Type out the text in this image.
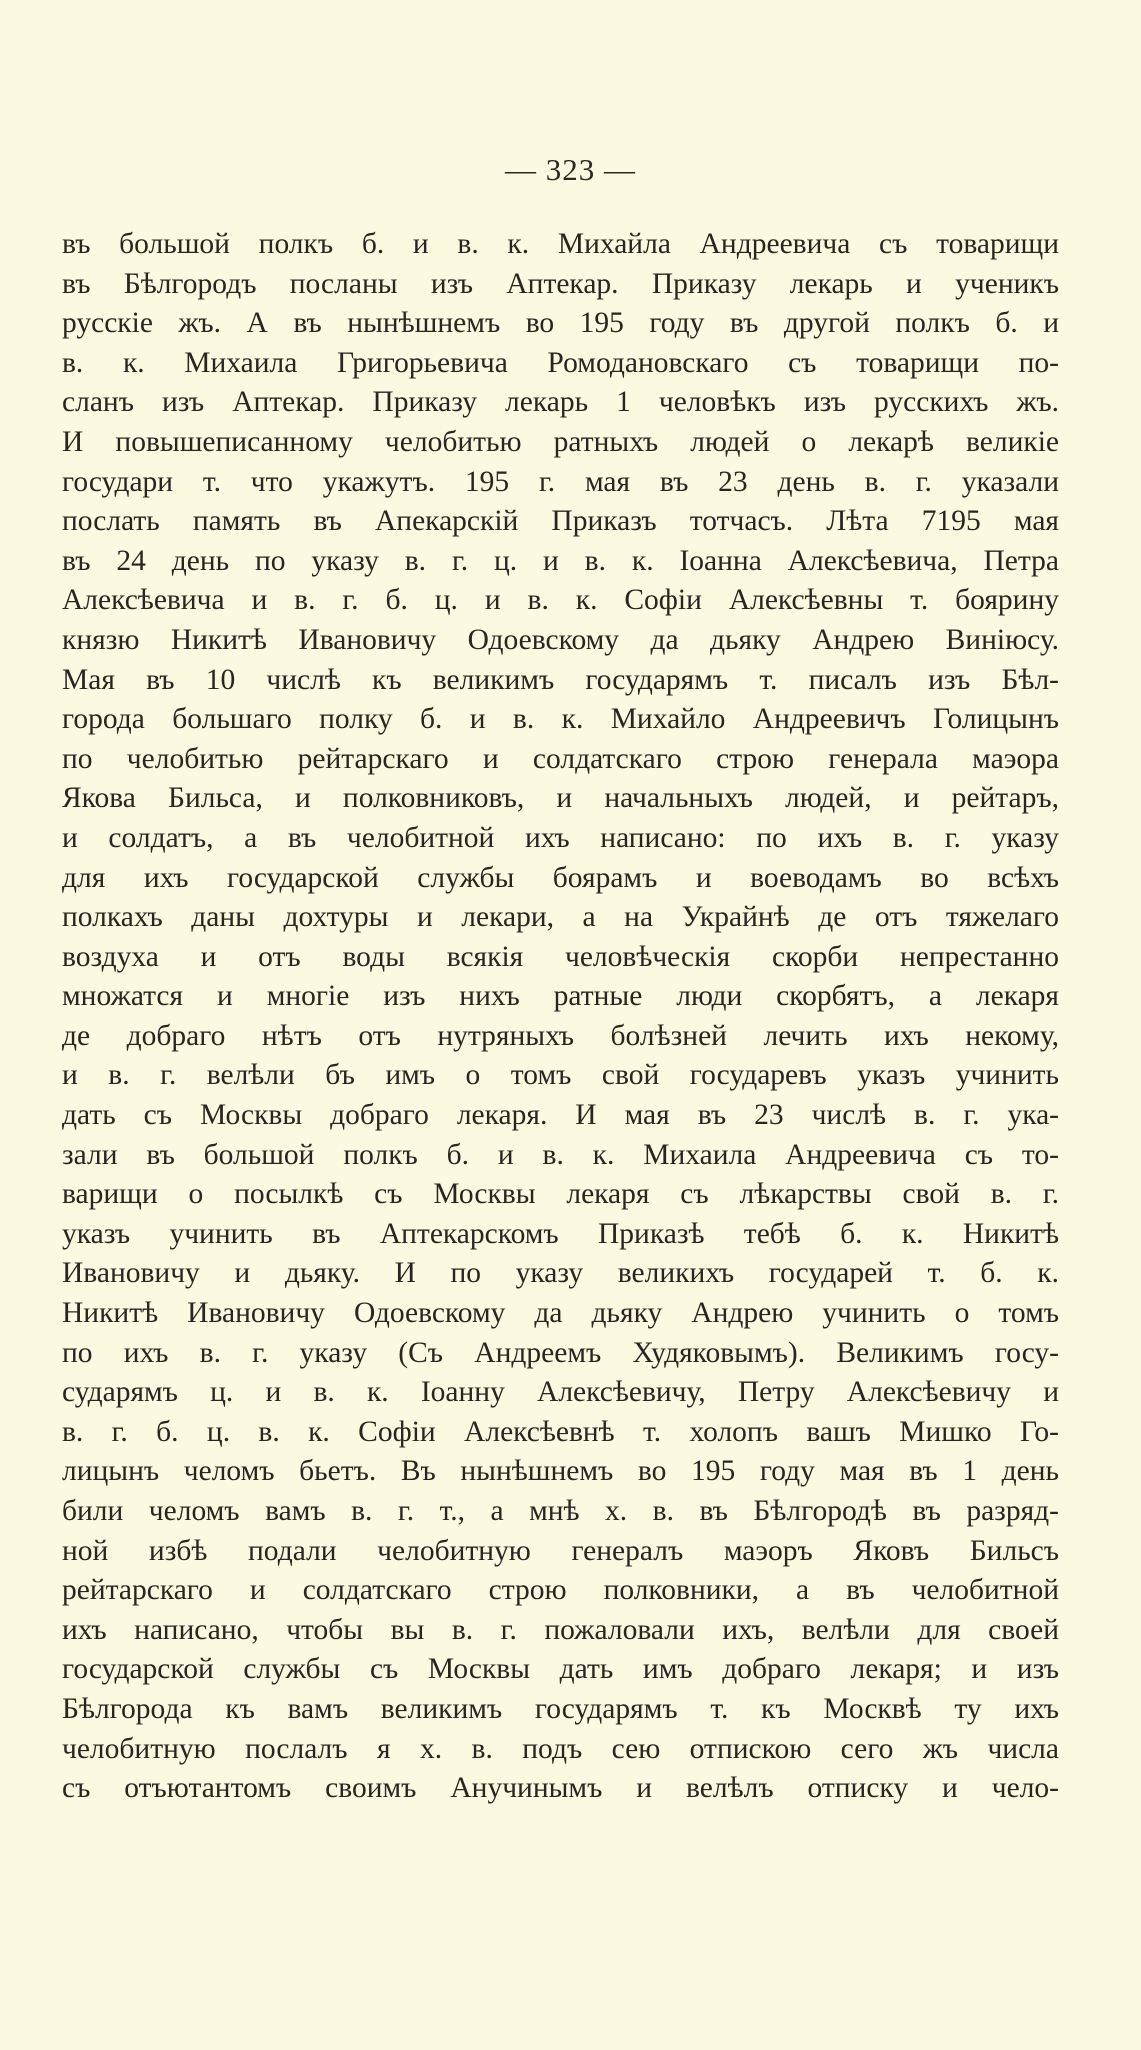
— 323 —
въ большой полкъ б. и в. к. Михайла Андреевича съ товарищи
въ Бѣлгородъ посланы изъ Аптекар. Приказу лекарь и ученикъ
русскіе жъ. А въ нынѣшнемъ во 195 году въ другой полкъ б. и
в. к. Михаила Григорьевича Ромодановскаго съ товарищи по-
сланъ изъ Аптекар. Приказу лекарь 1 человѣкъ изъ русскихъ жъ.
И повышеписанному челобитью ратныхъ людей о лекарѣ великіе
государи т. что укажутъ. 195 г. мая въ 23 день в. г. указали
послать память въ Апекарскій Приказъ тотчасъ. Лѣта 7195 мая
въ 24 день по указу в. г. ц. и в. к. Іоанна Алексѣевича, Петра
Алексѣевича и в. г. б. ц. и в. к. Софіи Алексѣевны т. боярину
князю Никитѣ Ивановичу Одоевскому да дьяку Андрею Виніюсу.
Мая въ 10 числѣ къ великимъ государямъ т. писалъ изъ Бѣл-
города большаго полку б. и в. к. Михайло Андреевичъ Голицынъ
по челобитью рейтарскаго и солдатскаго строю генерала маэора
Якова Бильса, и полковниковъ, и начальныхъ людей, и рейтаръ,
и солдатъ, а въ челобитной ихъ написано: по ихъ в. г. указу
для ихъ государской службы боярамъ и воеводамъ во всѣхъ
полкахъ даны дохтуры и лекари, а на Украйнѣ де отъ тяжелаго
воздуха и отъ воды всякія человѣческія скорби непрестанно
множатся и многіе изъ нихъ ратные люди скорбятъ, а лекаря
де добраго нѣтъ отъ нутряныхъ болѣзней лечить ихъ некому,
и в. г. велѣли бъ имъ о томъ свой государевъ указъ учинить
дать съ Москвы добраго лекаря. И мая въ 23 числѣ в. г. ука-
зали въ большой полкъ б. и в. к. Михаила Андреевича съ то-
варищи о посылкѣ съ Москвы лекаря съ лѣкарствы свой в. г.
указъ учинить въ Аптекарскомъ Приказѣ тебѣ б. к. Никитѣ
Ивановичу и дьяку. И по указу великихъ государей т. б. к.
Никитѣ Ивановичу Одоевскому да дьяку Андрею учинить о томъ
по ихъ в. г. указу (Съ Андреемъ Худяковымъ). Великимъ госу-
сударямъ ц. и в. к. Іоанну Алексѣевичу, Петру Алексѣевичу и
в. г. б. ц. в. к. Софіи Алексѣевнѣ т. холопъ вашъ Мишко Го-
лицынъ челомъ бьетъ. Въ нынѣшнемъ во 195 году мая въ 1 день
били челомъ вамъ в. г. т., а мнѣ х. в. въ Бѣлгородѣ въ разряд-
ной избѣ подали челобитную генералъ маэоръ Яковъ Бильсъ
рейтарскаго и солдатскаго строю полковники, а въ челобитной
ихъ написано, чтобы вы в. г. пожаловали ихъ, велѣли для своей
государской службы съ Москвы дать имъ добраго лекаря; и изъ
Бѣлгорода къ вамъ великимъ государямъ т. къ Москвѣ ту ихъ
челобитную послалъ я х. в. подъ сею отпискою сего жъ числа
съ отъютантомъ своимъ Анучинымъ и велѣлъ отписку и чело-
